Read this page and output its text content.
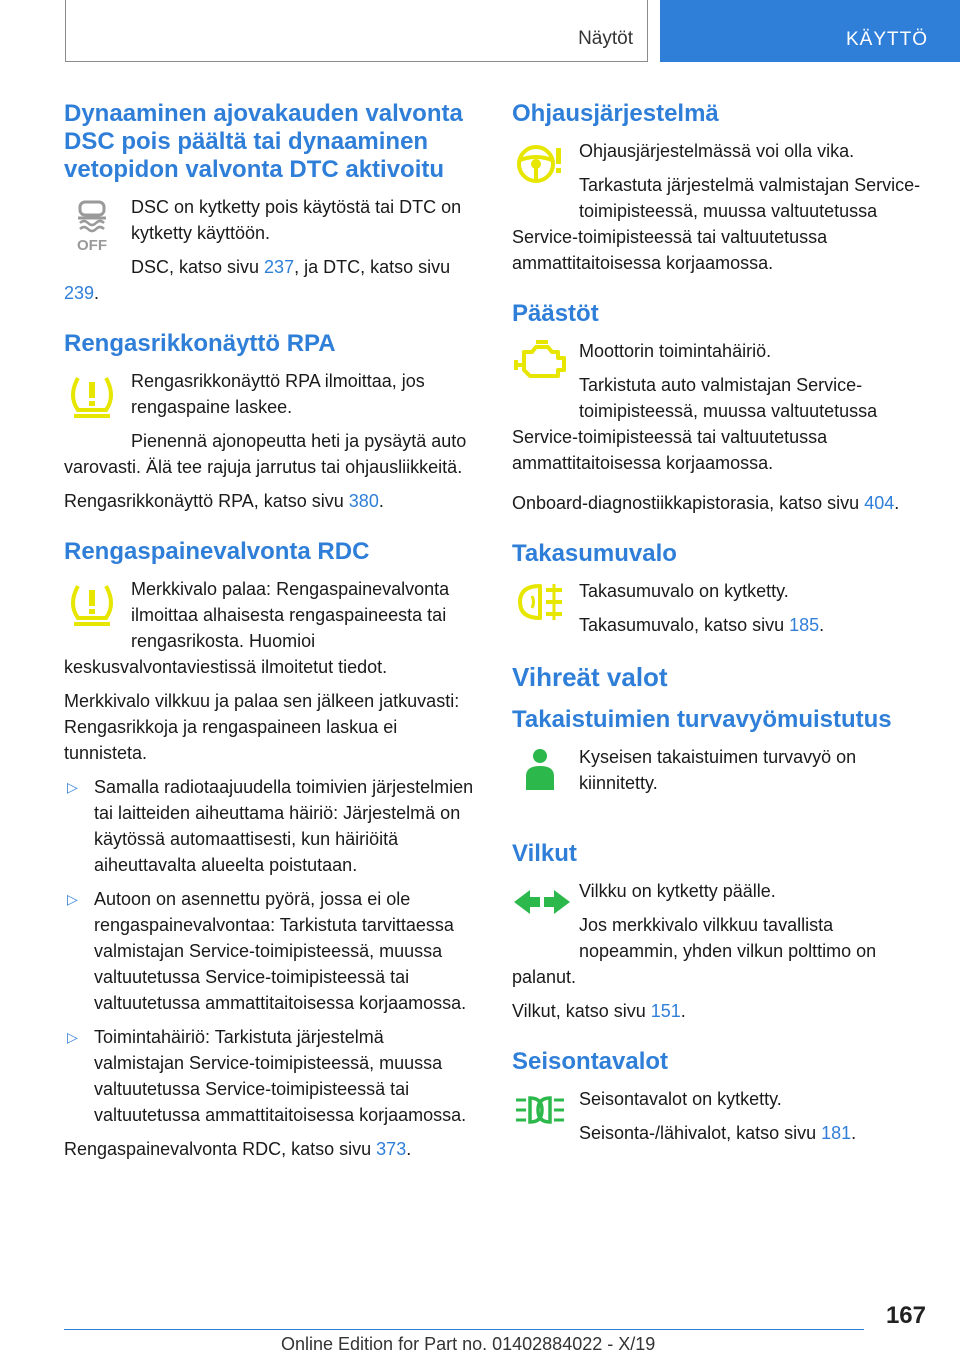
Näytöt	KÄYTTÖ
Dynaaminen ajovakauden valvonta DSC pois päältä tai dynaaminen vetopidon valvonta DTC aktivoitu
OFF

DSC on kytketty pois käytöstä tai DTC on kytketty käyttöön.

DSC, katso sivu 237, ja DTC, katso sivu 239.

Rengasrikkonäyttö RPA

Rengasrikkonäyttö RPA ilmoittaa, jos rengaspaine laskee.

Pienennä ajonopeutta heti ja pysäytä auto varovasti. Älä tee rajuja jarrutus tai ohjausliikkeitä.

Rengasrikkonäyttö RPA, katso sivu 380.

Rengaspainevalvonta RDC

Merkkivalo palaa: Rengaspainevalvonta ilmoittaa alhaisesta rengaspaineesta tai rengasrikosta. Huomioi keskusvalvontaviestissä ilmoitetut tiedot.

Merkkivalo vilkkuu ja palaa sen jälkeen jatkuvasti: Rengasrikkoja ja rengaspaineen laskua ei tunnisteta.

▷ Samalla radiotaajuudella toimivien järjestelmien tai laitteiden aiheuttama häiriö: Järjestelmä on käytössä automaattisesti, kun häiriöitä aiheuttavalta alueelta poistutaan.
▷ Autoon on asennettu pyörä, jossa ei ole rengaspainevalvontaa: Tarkistuta tarvittaessa valmistajan Service-toimipisteessä, muussa valtuutetussa Service-toimipisteessä tai valtuutetussa ammattitaitoisessa korjaamossa.
▷ Toimintahäiriö: Tarkistuta järjestelmä valmistajan Service-toimipisteessä, muussa valtuutetussa Service-toimipisteessä tai valtuutetussa ammattitaitoisessa korjaamossa.

Rengaspainevalvonta RDC, katso sivu 373.

Ohjausjärjestelmä

Ohjausjärjestelmässä voi olla vika.

Tarkastuta järjestelmä valmistajan Service-toimipisteessä, muussa valtuutetussa Service-toimipisteessä tai valtuutetussa ammattitaitoisessa korjaamossa.

Päästöt

Moottorin toimintahäiriö.

Tarkistuta auto valmistajan Service-toimipisteessä, muussa valtuutetussa Service-toimipisteessä tai valtuutetussa ammattitaitoisessa korjaamossa.

Onboard-diagnostiikkapistorasia, katso sivu 404.

Takasumuvalo

Takasumuvalo on kytketty.

Takasumuvalo, katso sivu 185.

Vihreät valot
Takaistuimien turvavyömuistutus

Kyseisen takaistuimen turvavyö on kiinnitetty.

Vilkut

Vilkku on kytketty päälle.

Jos merkkivalo vilkkuu tavallista nopeammin, yhden vilkun polttimo on palanut.

Vilkut, katso sivu 151.

Seisontavalot

Seisontavalot on kytketty.

Seisonta-/lähivalot, katso sivu 181.

167
Online Edition for Part no. 01402884022 - X/19
